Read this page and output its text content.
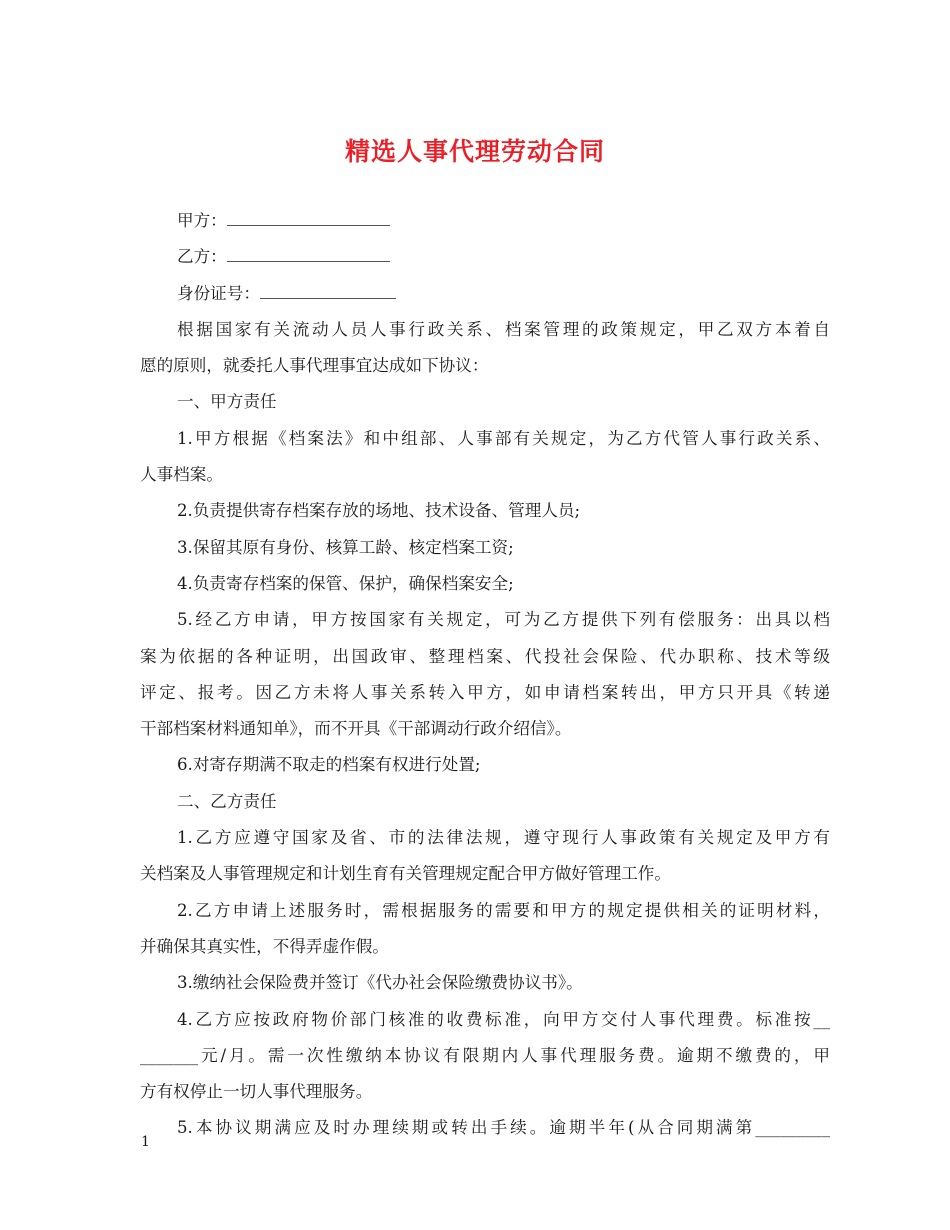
精选人事代理劳动合同
甲方：
乙方：
身份证号：
根据国家有关流动人员人事行政关系、档案管理的政策规定，甲乙双方本着自
愿的原则，就委托人事代理事宜达成如下协议：
一、甲方责任
1.甲方根据《档案法》和中组部、人事部有关规定，为乙方代管人事行政关系、
人事档案。
2.负责提供寄存档案存放的场地、技术设备、管理人员;
3.保留其原有身份、核算工龄、核定档案工资;
4.负责寄存档案的保管、保护，确保档案安全;
5.经乙方申请，甲方按国家有关规定，可为乙方提供下列有偿服务：出具以档
案为依据的各种证明，出国政审、整理档案、代投社会保险、代办职称、技术等级
评定、报考。因乙方未将人事关系转入甲方，如申请档案转出，甲方只开具《转递
干部档案材料通知单》，而不开具《干部调动行政介绍信》。
6.对寄存期满不取走的档案有权进行处置;
二、乙方责任
1.乙方应遵守国家及省、市的法律法规，遵守现行人事政策有关规定及甲方有
关档案及人事管理规定和计划生育有关管理规定配合甲方做好管理工作。
2.乙方申请上述服务时，需根据服务的需要和甲方的规定提供相关的证明材料，
并确保其真实性，不得弄虚作假。
3.缴纳社会保险费并签订《代办社会保险缴费协议书》。
4.乙方应按政府物价部门核准的收费标准，向甲方交付人事代理费。标准按__
_______元/月。需一次性缴纳本协议有限期内人事代理服务费。逾期不缴费的，甲
方有权停止一切人事代理服务。
5.本协议期满应及时办理续期或转出手续。逾期半年(从合同期满第_________
1
